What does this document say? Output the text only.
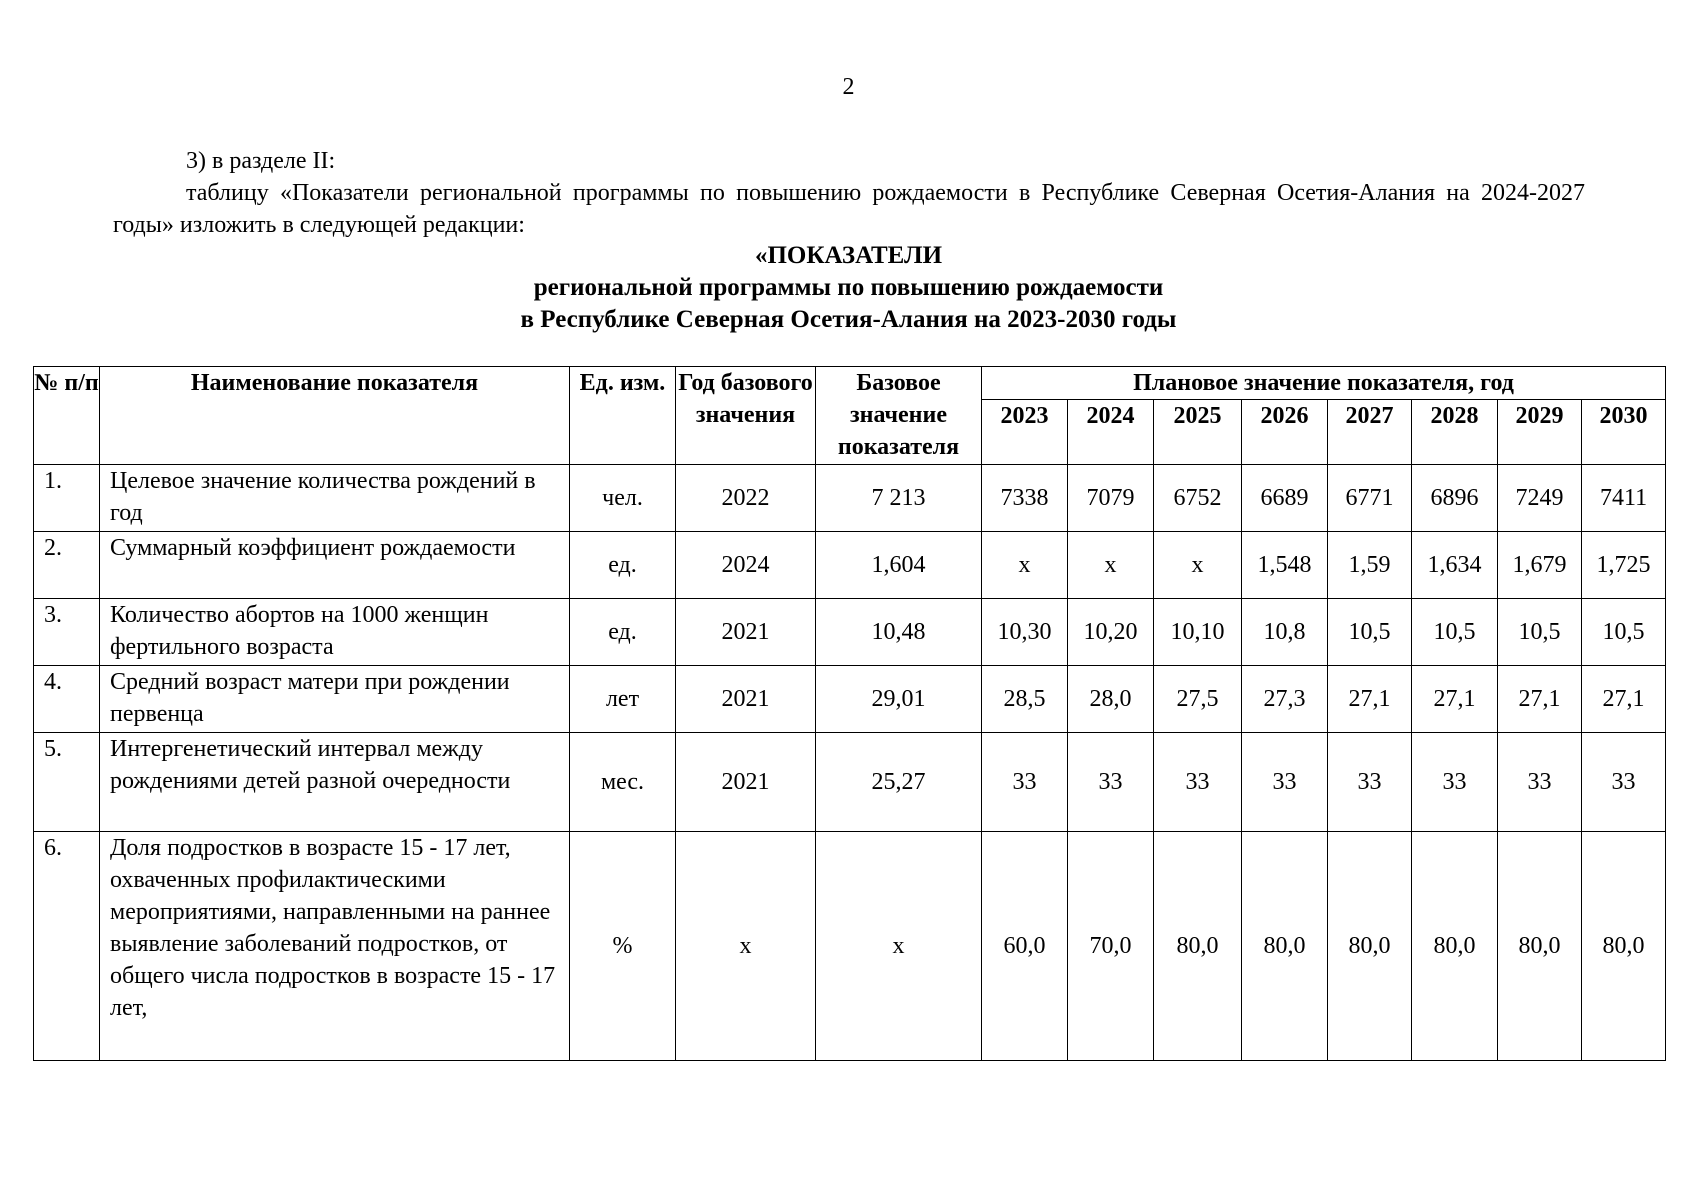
2

3) в разделе II:

таблицу «Показатели региональной программы по повышению рождаемости в Республике Северная Осетия-Алания на 2024-2027 годы» изложить в следующей редакции:

«ПОКАЗАТЕЛИ
региональной программы по повышению рождаемости
в Республике Северная Осетия-Алания на 2023-2030 годы
№ п/п	Наименование показателя	Ед. изм.	Год базового значения	Базовое значение показателя	Плановое значение показателя, год							
					2023	2024	2025	2026	2027	2028	2029	2030
1.	Целевое значение количества рождений в год	чел.	2022	7 213	7338	7079	6752	6689	6771	6896	7249	7411
2.	Суммарный коэффициент рождаемости	ед.	2024	1,604	х	х	х	1,548	1,59	1,634	1,679	1,725
3.	Количество абортов на 1000 женщин фертильного возраста	ед.	2021	10,48	10,30	10,20	10,10	10,8	10,5	10,5	10,5	10,5
4.	Средний возраст матери при рождении первенца	лет	2021	29,01	28,5	28,0	27,5	27,3	27,1	27,1	27,1	27,1
5.	Интергенетический интервал между рождениями детей разной очередности	мес.	2021	25,27	33	33	33	33	33	33	33	33
6.	Доля подростков в возрасте 15 - 17 лет, охваченных профилактическими мероприятиями, направленными на раннее выявление заболеваний подростков, от общего числа подростков в возрасте 15 - 17 лет,	%	х	х	60,0	70,0	80,0	80,0	80,0	80,0	80,0	80,0
